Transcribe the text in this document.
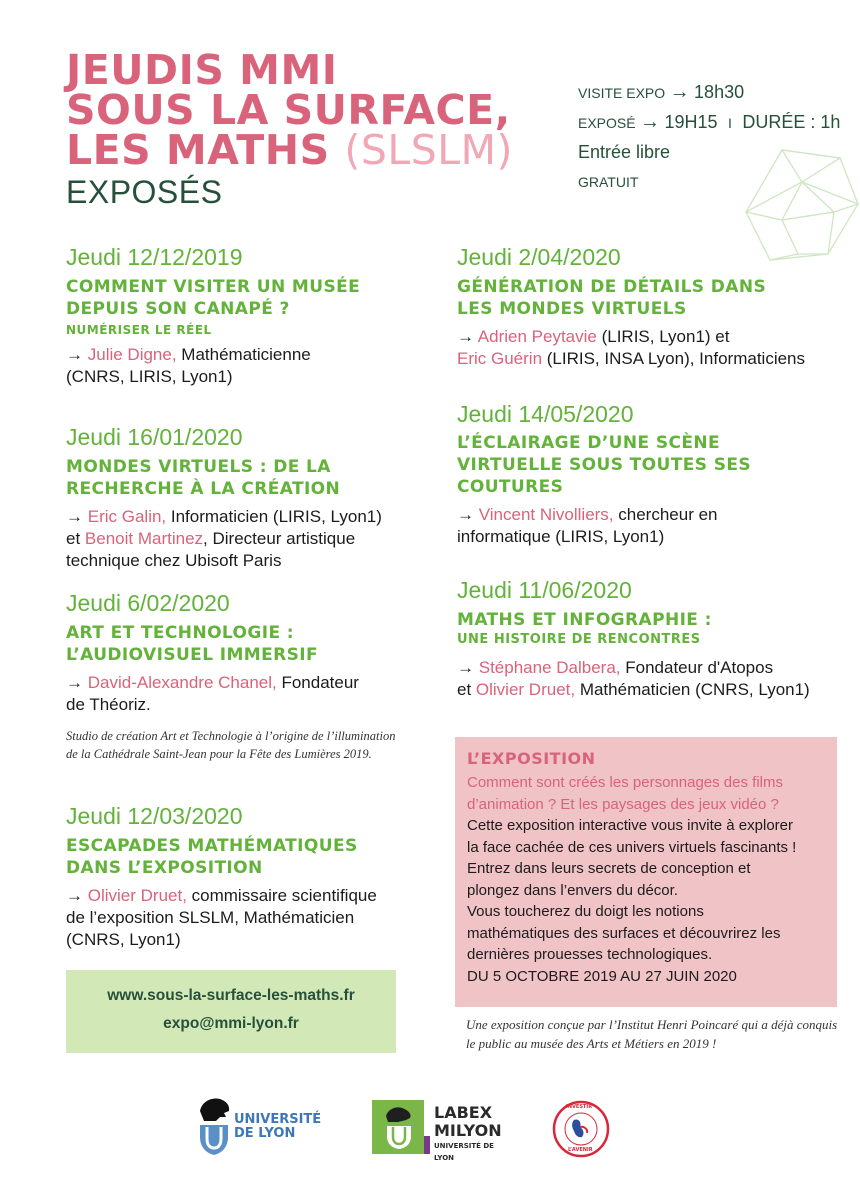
JEUDIS MMI
SOUS LA SURFACE,
LES MATHS (SLSLM)
EXPOSÉS
VISITE EXPO → 18h30
EXPOSÉ → 19H15 I DURÉE : 1h
Entrée libre
GRATUIT
Jeudi 12/12/2019
COMMENT VISITER UN MUSÉE
DEPUIS SON CANAPÉ ?
NUMÉRISER LE RÉEL
→ Julie Digne, Mathématicienne
(CNRS, LIRIS, Lyon1)
Jeudi 16/01/2020
MONDES VIRTUELS : DE LA
RECHERCHE À LA CRÉATION
→ Eric Galin, Informaticien (LIRIS, Lyon1)
et Benoit Martinez, Directeur artistique
technique chez Ubisoft Paris
Jeudi 6/02/2020
ART ET TECHNOLOGIE :
L’AUDIOVISUEL IMMERSIF
→ David-Alexandre Chanel, Fondateur
de Théoriz.
Studio de création Art et Technologie à l’origine de l’illumination
de la Cathédrale Saint-Jean pour la Fête des Lumières 2019.
Jeudi 12/03/2020
ESCAPADES MATHÉMATIQUES
DANS L’EXPOSITION
→ Olivier Druet, commissaire scientifique
de l’exposition SLSLM, Mathématicien
(CNRS, Lyon1)
Jeudi 2/04/2020
GÉNÉRATION DE DÉTAILS DANS
LES MONDES VIRTUELS
→ Adrien Peytavie (LIRIS, Lyon1) et
Eric Guérin (LIRIS, INSA Lyon), Informaticiens
Jeudi 14/05/2020
L’ÉCLAIRAGE D’UNE SCÈNE
VIRTUELLE SOUS TOUTES SES
COUTURES
→ Vincent Nivolliers, chercheur en
informatique (LIRIS, Lyon1)
Jeudi 11/06/2020
MATHS ET INFOGRAPHIE :
UNE HISTOIRE DE RENCONTRES
→ Stéphane Dalbera, Fondateur d'Atopos
et Olivier Druet, Mathématicien (CNRS, Lyon1)
www.sous-la-surface-les-maths.fr
expo@mmi-lyon.fr
L’EXPOSITION
Comment sont créés les personnages des films
d’animation ? Et les paysages des jeux vidéo ?
Cette exposition interactive vous invite à explorer
la face cachée de ces univers virtuels fascinants !
Entrez dans leurs secrets de conception et
plongez dans l’envers du décor.
Vous toucherez du doigt les notions
mathématiques des surfaces et découvrirez les
dernières prouesses technologiques.
DU 5 OCTOBRE 2019 AU 27 JUIN 2020
Une exposition conçue par l’Institut Henri Poincaré qui a déjà conquis
le public au musée des Arts et Métiers en 2019 !
UNIVERSITÉ
DE LYON
LABEX
MILYON
UNIVERSITÉ DE LYON
INVESTIR
L’AVENIR
